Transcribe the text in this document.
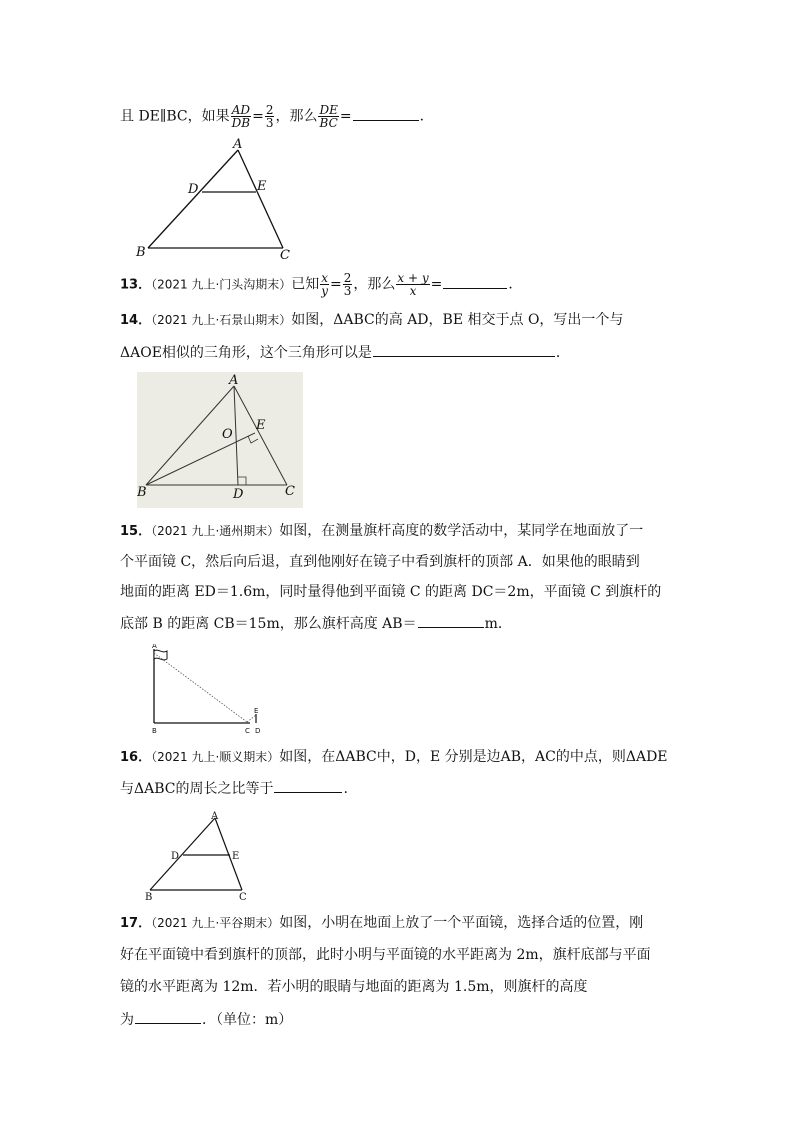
且 DE∥BC，如果 $\frac{AD}{DB} = \frac{2}{3}$ ，那么 $\frac{DE}{BC}$ =	．
A
B	C
D	E
13．（2021 九上·门头沟期末）已知 $\frac{x}{y} = \frac{2}{3}$ ，那么 $\frac{x + y}{x}$ =	．
14．（2021 九上·石景山期末）如图，ΔABC的高 AD，BE 相交于点 O，写出一个与
ΔAOE相似的三角形，这个三角形可以是	．
A
B	C
D
E
O
15．（2021 九上·通州期末）如图，在测量旗杆高度的数学活动中，某同学在地面放了一
个平面镜 C，然后向后退，直到他刚好在镜子中看到旗杆的顶部 A．如果他的眼睛到
地面的距离 ED＝1.6m，同时量得他到平面镜 C 的距离 DC＝2m，平面镜 C 到旗杆的
底部 B 的距离 CB＝15m，那么旗杆高度 AB＝	m．
A
B	C D
E
16．（2021 九上·顺义期末）如图，在ΔABC中，D，E 分别是边AB，AC的中点，则ΔADE
与ΔABC的周长之比等于	.
A
B	C
D	E
17．（2021 九上·平谷期末）如图，小明在地面上放了一个平面镜，选择合适的位置，刚
好在平面镜中看到旗杆的顶部，此时小明与平面镜的水平距离为 2m，旗杆底部与平面
镜的水平距离为 12m．若小明的眼睛与地面的距离为 1.5m，则旗杆的高度
为	．（单位：m）
